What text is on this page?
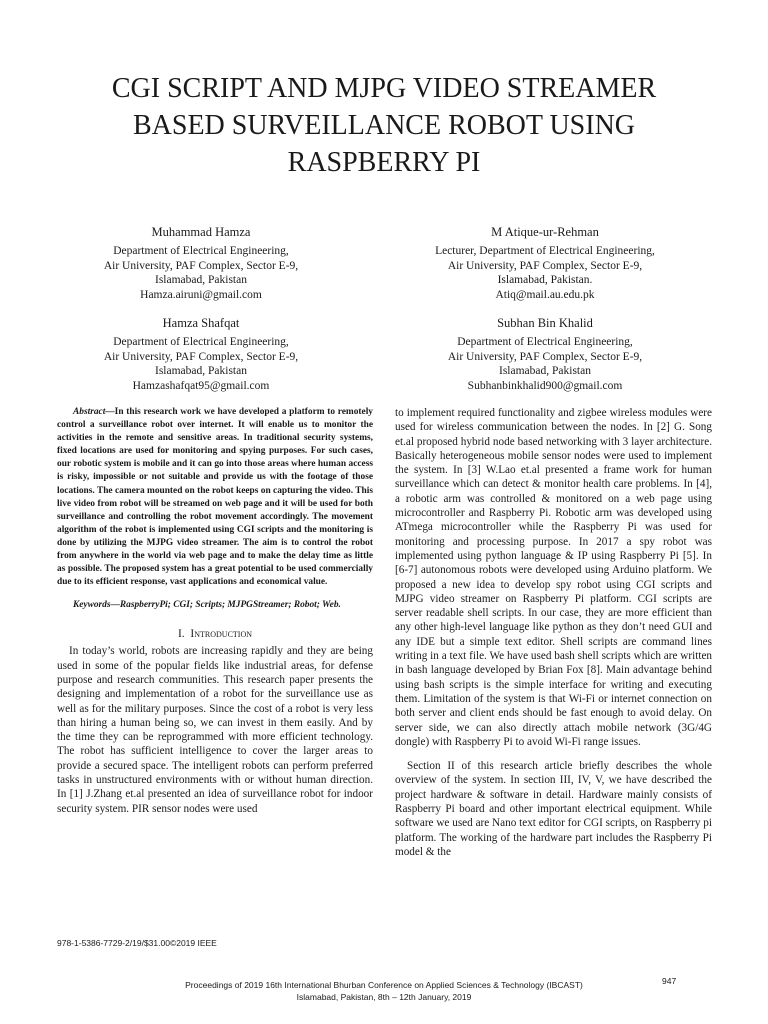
CGI SCRIPT AND MJPG VIDEO STREAMER
BASED SURVEILLANCE ROBOT USING
RASPBERRY PI
Muhammad Hamza
Department of Electrical Engineering,
Air University, PAF Complex, Sector E-9,
Islamabad, Pakistan
Hamza.airuni@gmail.com
M Atique-ur-Rehman
Lecturer, Department of Electrical Engineering,
Air University, PAF Complex, Sector E-9,
Islamabad, Pakistan.
Atiq@mail.au.edu.pk
Hamza Shafqat
Department of Electrical Engineering,
Air University, PAF Complex, Sector E-9,
Islamabad, Pakistan
Hamzashafqat95@gmail.com
Subhan Bin Khalid
Department of Electrical Engineering,
Air University, PAF Complex, Sector E-9,
Islamabad, Pakistan
Subhanbinkhalid900@gmail.com

Abstract—In this research work we have developed a platform to remotely control a surveillance robot over internet. It will enable us to monitor the activities in the remote and sensitive areas. In traditional security systems, fixed locations are used for monitoring and spying purposes. For such cases, our robotic system is mobile and it can go into those areas where human access is risky, impossible or not suitable and provide us with the footage of those locations. The camera mounted on the robot keeps on capturing the video. This live video from robot will be streamed on web page and it will be used for both surveillance and controlling the robot movement accordingly. The movement algorithm of the robot is implemented using CGI scripts and the monitoring is done by utilizing the MJPG video streamer. The aim is to control the robot from anywhere in the world via web page and to make the delay time as little as possible. The proposed system has a great potential to be used commercially due to its efficient response, vast applications and economical value.

Keywords—RaspberryPi; CGI; Scripts; MJPGStreamer; Robot; Web.

I. Introduction

In today’s world, robots are increasing rapidly and they are being used in some of the popular fields like industrial areas, for defense purpose and research communities. This research paper presents the designing and implementation of a robot for the surveillance use as well as for the military purposes. Since the cost of a robot is very less than hiring a human being so, we can invest in them easily. And by the time they can be reprogrammed with more efficient technology. The robot has sufficient intelligence to cover the larger areas to provide a secured space. The intelligent robots can perform preferred tasks in unstructured environments with or without human direction. In [1] J.Zhang et.al presented an idea of surveillance robot for indoor security system. PIR sensor nodes were used

to implement required functionality and zigbee wireless modules were used for wireless communication between the nodes. In [2] G. Song et.al proposed hybrid node based networking with 3 layer architecture. Basically heterogeneous mobile sensor nodes were used to implement the system. In [3] W.Lao et.al presented a frame work for human surveillance which can detect & monitor health care problems. In [4], a robotic arm was controlled & monitored on a web page using microcontroller and Raspberry Pi. Robotic arm was developed using ATmega microcontroller while the Raspberry Pi was used for monitoring and processing purpose. In 2017 a spy robot was implemented using python language & IP using Raspberry Pi [5]. In [6-7] autonomous robots were developed using Arduino platform. We proposed a new idea to develop spy robot using CGI scripts and MJPG video streamer on Raspberry Pi platform. CGI scripts are server readable shell scripts. In our case, they are more efficient than any other high-level language like python as they don’t need GUI and any IDE but a simple text editor. Shell scripts are command lines writing in a text file. We have used bash shell scripts which are written in bash language developed by Brian Fox [8]. Main advantage behind using bash scripts is the simple interface for writing and executing them. Limitation of the system is that Wi-Fi or internet connection on both server and client ends should be fast enough to avoid delay. On server side, we can also directly attach mobile network (3G/4G dongle) with Raspberry Pi to avoid Wi-Fi range issues.

Section II of this research article briefly describes the whole overview of the system. In section III, IV, V, we have described the project hardware & software in detail. Hardware mainly consists of Raspberry Pi board and other important electrical equipment. While software we used are Nano text editor for CGI scripts, on Raspberry pi platform. The working of the hardware part includes the Raspberry Pi model & the

978-1-5386-7729-2/19/$31.00©2019 IEEE
Proceedings of 2019 16th International Bhurban Conference on Applied Sciences & Technology (IBCAST)
Islamabad, Pakistan, 8th – 12th January, 2019
947
